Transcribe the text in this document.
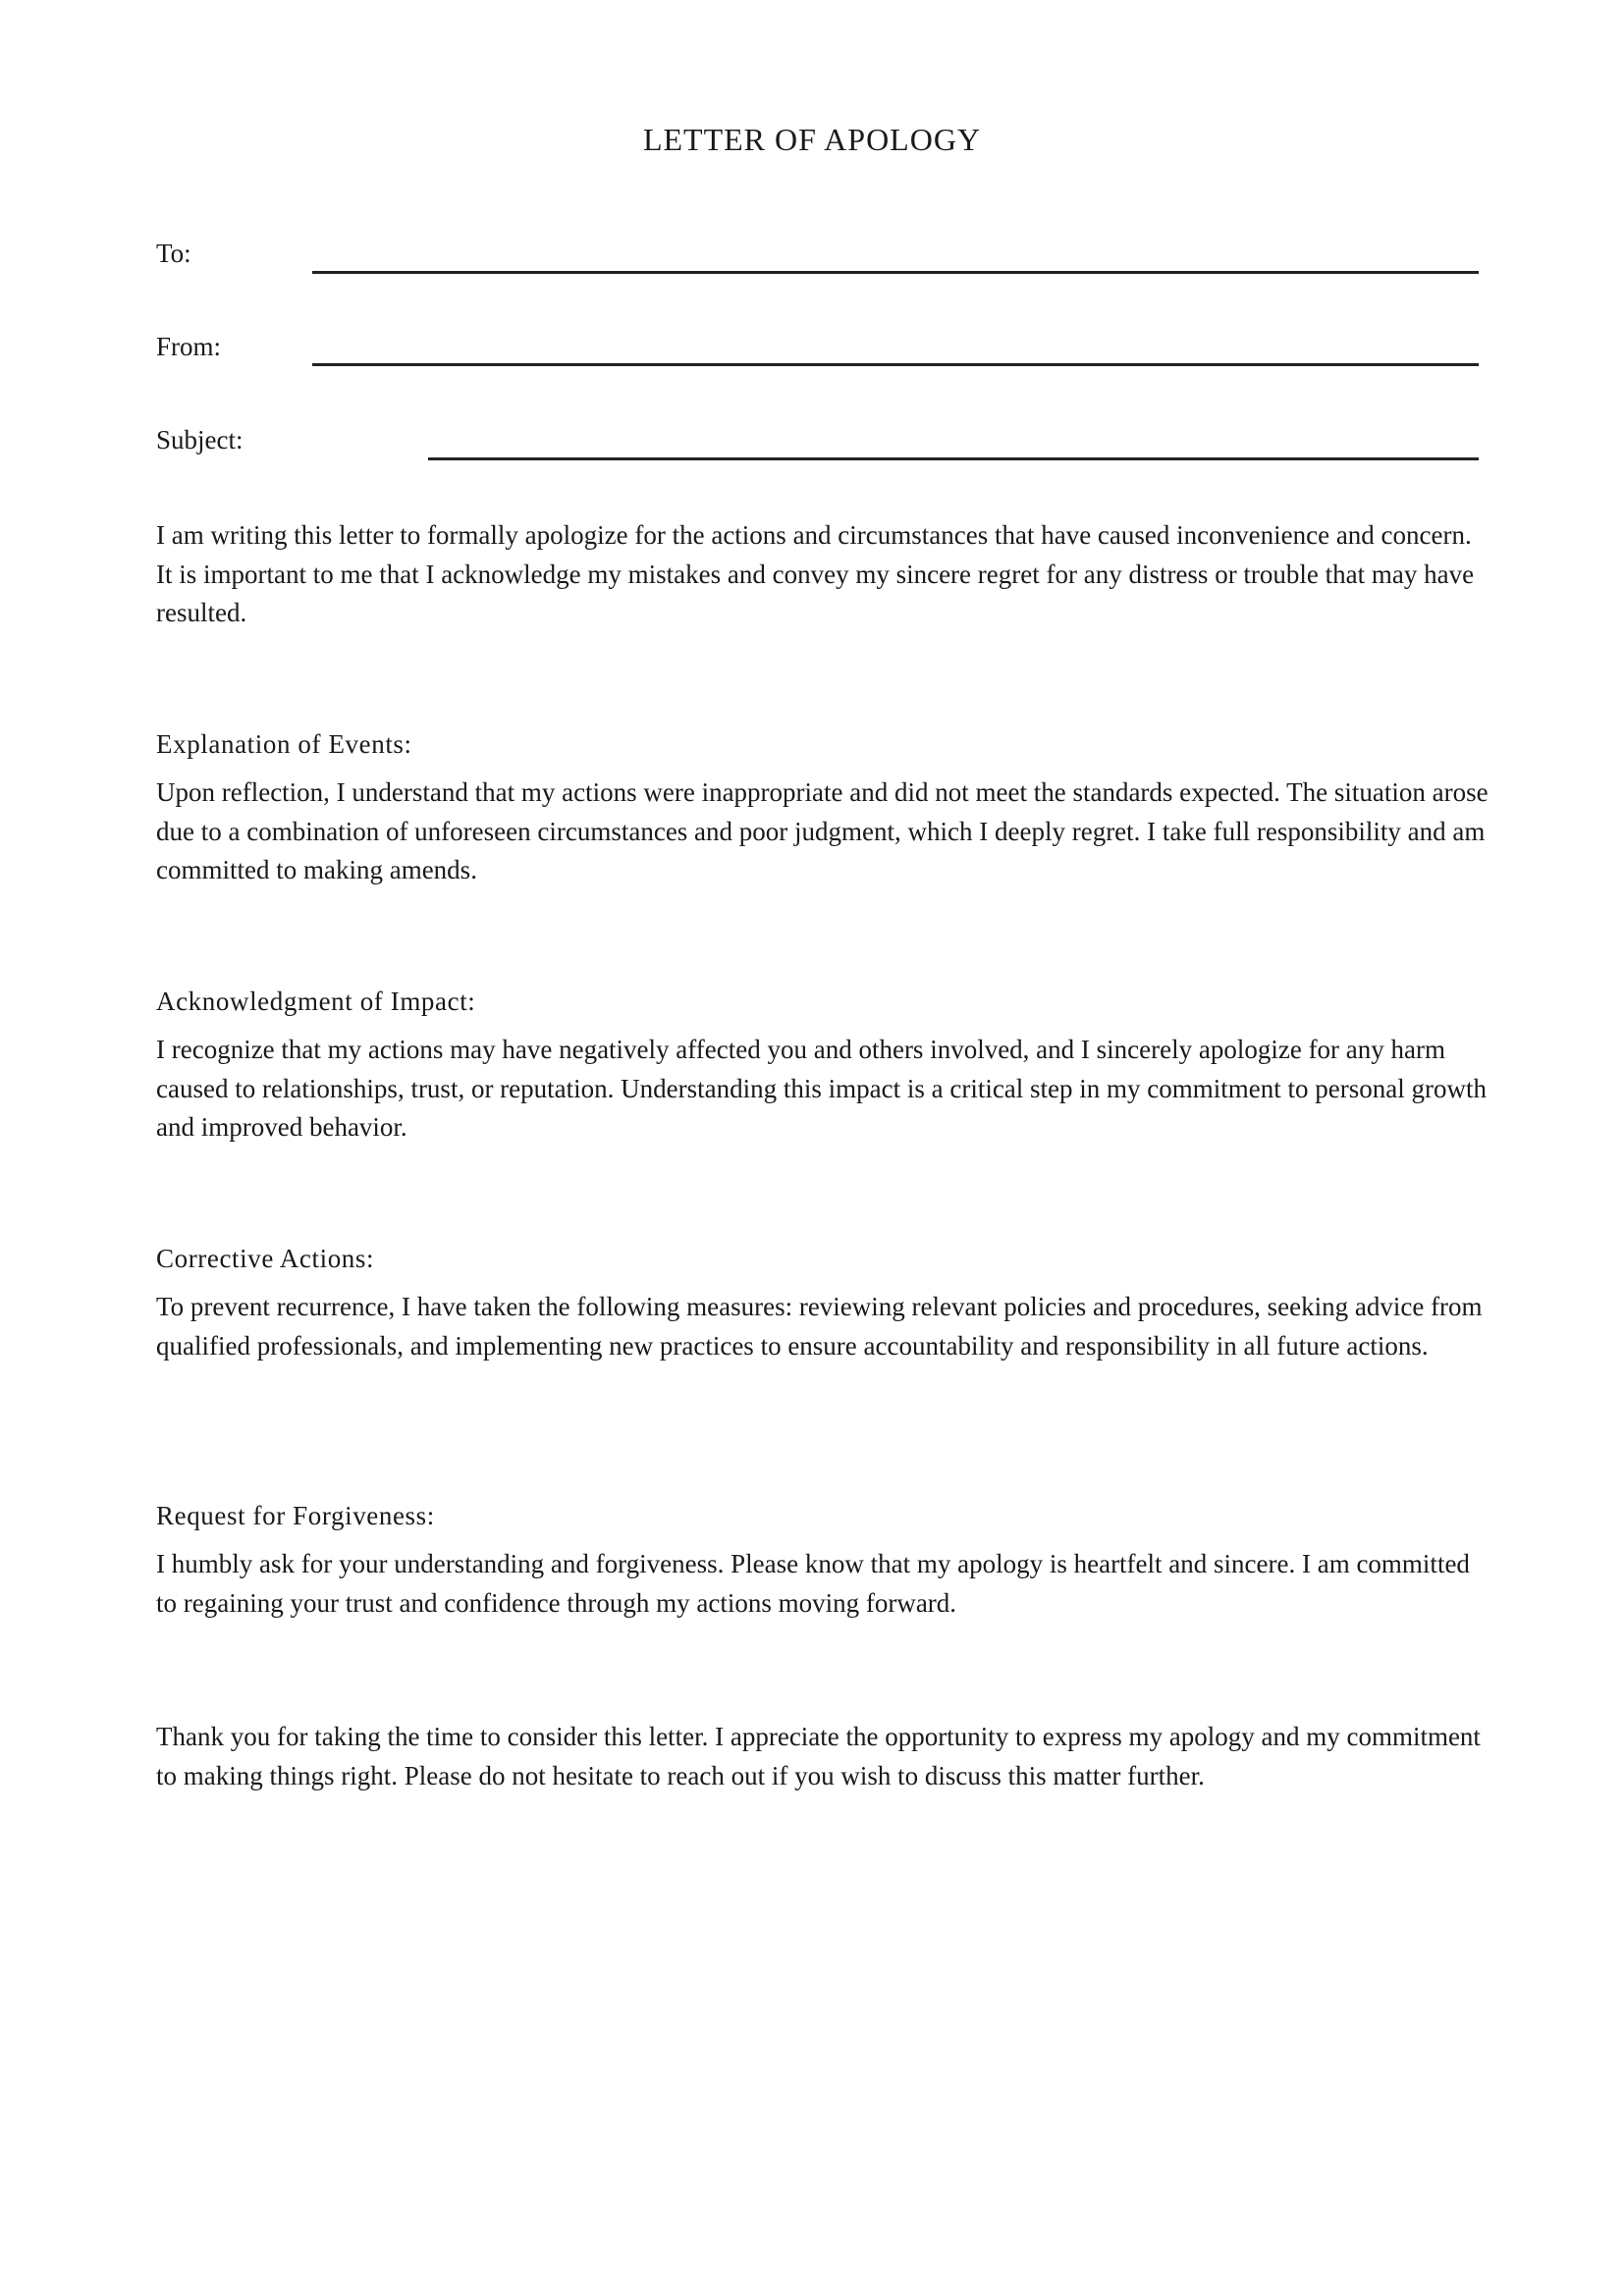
LETTER OF APOLOGY
To:
From:
Subject:

I am writing this letter to formally apologize for the actions and circumstances that have caused inconvenience and concern. It is important to me that I acknowledge my mistakes and convey my sincere regret for any distress or trouble that may have resulted.

Explanation of Events:

Upon reflection, I understand that my actions were inappropriate and did not meet the standards expected. The situation arose due to a combination of unforeseen circumstances and poor judgment, which I deeply regret. I take full responsibility and am committed to making amends.

Acknowledgment of Impact:

I recognize that my actions may have negatively affected you and others involved, and I sincerely apologize for any harm caused to relationships, trust, or reputation. Understanding this impact is a critical step in my commitment to personal growth and improved behavior.

Corrective Actions:

To prevent recurrence, I have taken the following measures: reviewing relevant policies and procedures, seeking advice from qualified professionals, and implementing new practices to ensure accountability and responsibility in all future actions.

Request for Forgiveness:

I humbly ask for your understanding and forgiveness. Please know that my apology is heartfelt and sincere. I am committed to regaining your trust and confidence through my actions moving forward.

Thank you for taking the time to consider this letter. I appreciate the opportunity to express my apology and my commitment to making things right. Please do not hesitate to reach out if you wish to discuss this matter further.
